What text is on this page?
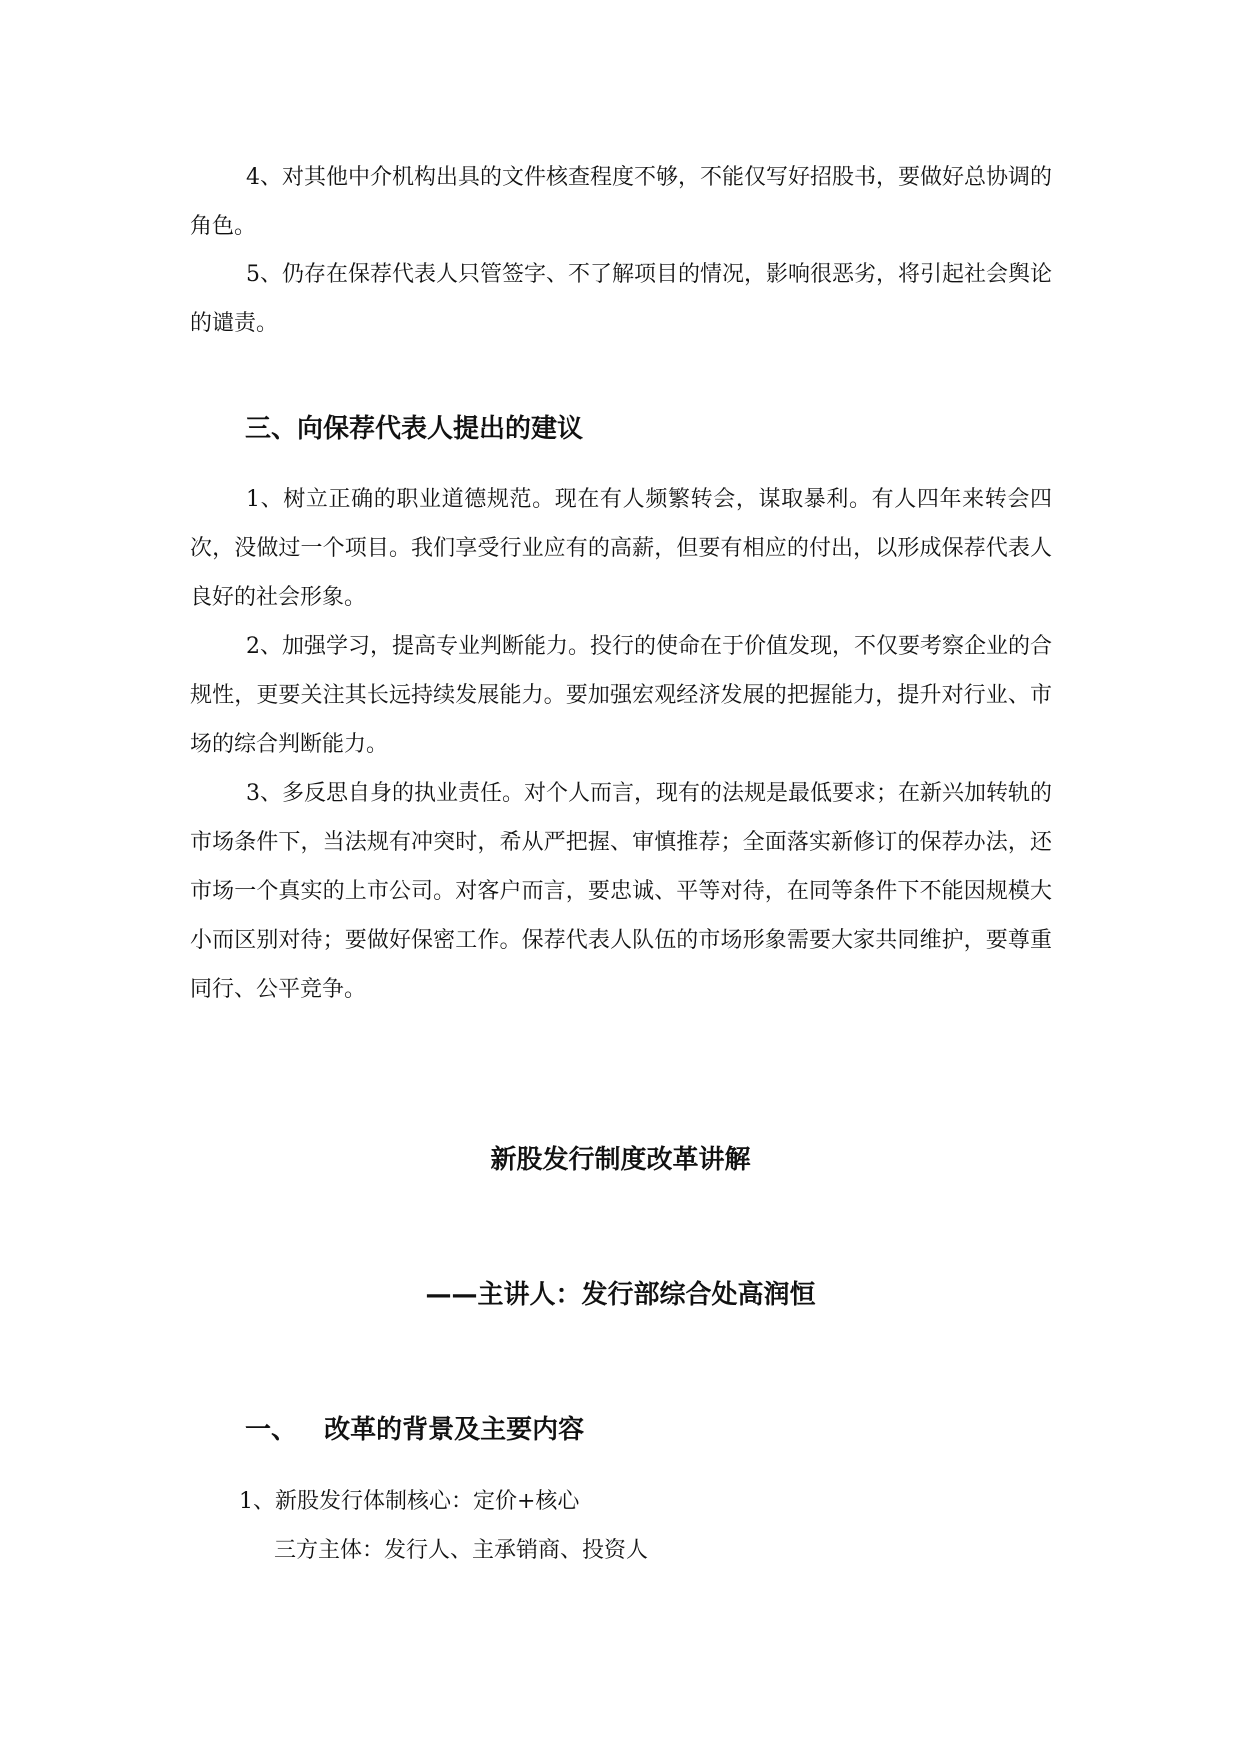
4、对其他中介机构出具的文件核查程度不够，不能仅写好招股书，要做好总协调的角色。

5、仍存在保荐代表人只管签字、不了解项目的情况，影响很恶劣，将引起社会舆论的谴责。

三、向保荐代表人提出的建议

1、树立正确的职业道德规范。现在有人频繁转会，谋取暴利。有人四年来转会四次，没做过一个项目。我们享受行业应有的高薪，但要有相应的付出，以形成保荐代表人良好的社会形象。

2、加强学习，提高专业判断能力。投行的使命在于价值发现，不仅要考察企业的合规性，更要关注其长远持续发展能力。要加强宏观经济发展的把握能力，提升对行业、市场的综合判断能力。

3、多反思自身的执业责任。对个人而言，现有的法规是最低要求；在新兴加转轨的市场条件下，当法规有冲突时，希从严把握、审慎推荐；全面落实新修订的保荐办法，还市场一个真实的上市公司。对客户而言，要忠诚、平等对待，在同等条件下不能因规模大小而区别对待；要做好保密工作。保荐代表人队伍的市场形象需要大家共同维护，要尊重同行、公平竞争。

新股发行制度改革讲解
——主讲人：发行部综合处高润恒
一、   改革的背景及主要内容

1、新股发行体制核心：定价+核心

三方主体：发行人、主承销商、投资人
